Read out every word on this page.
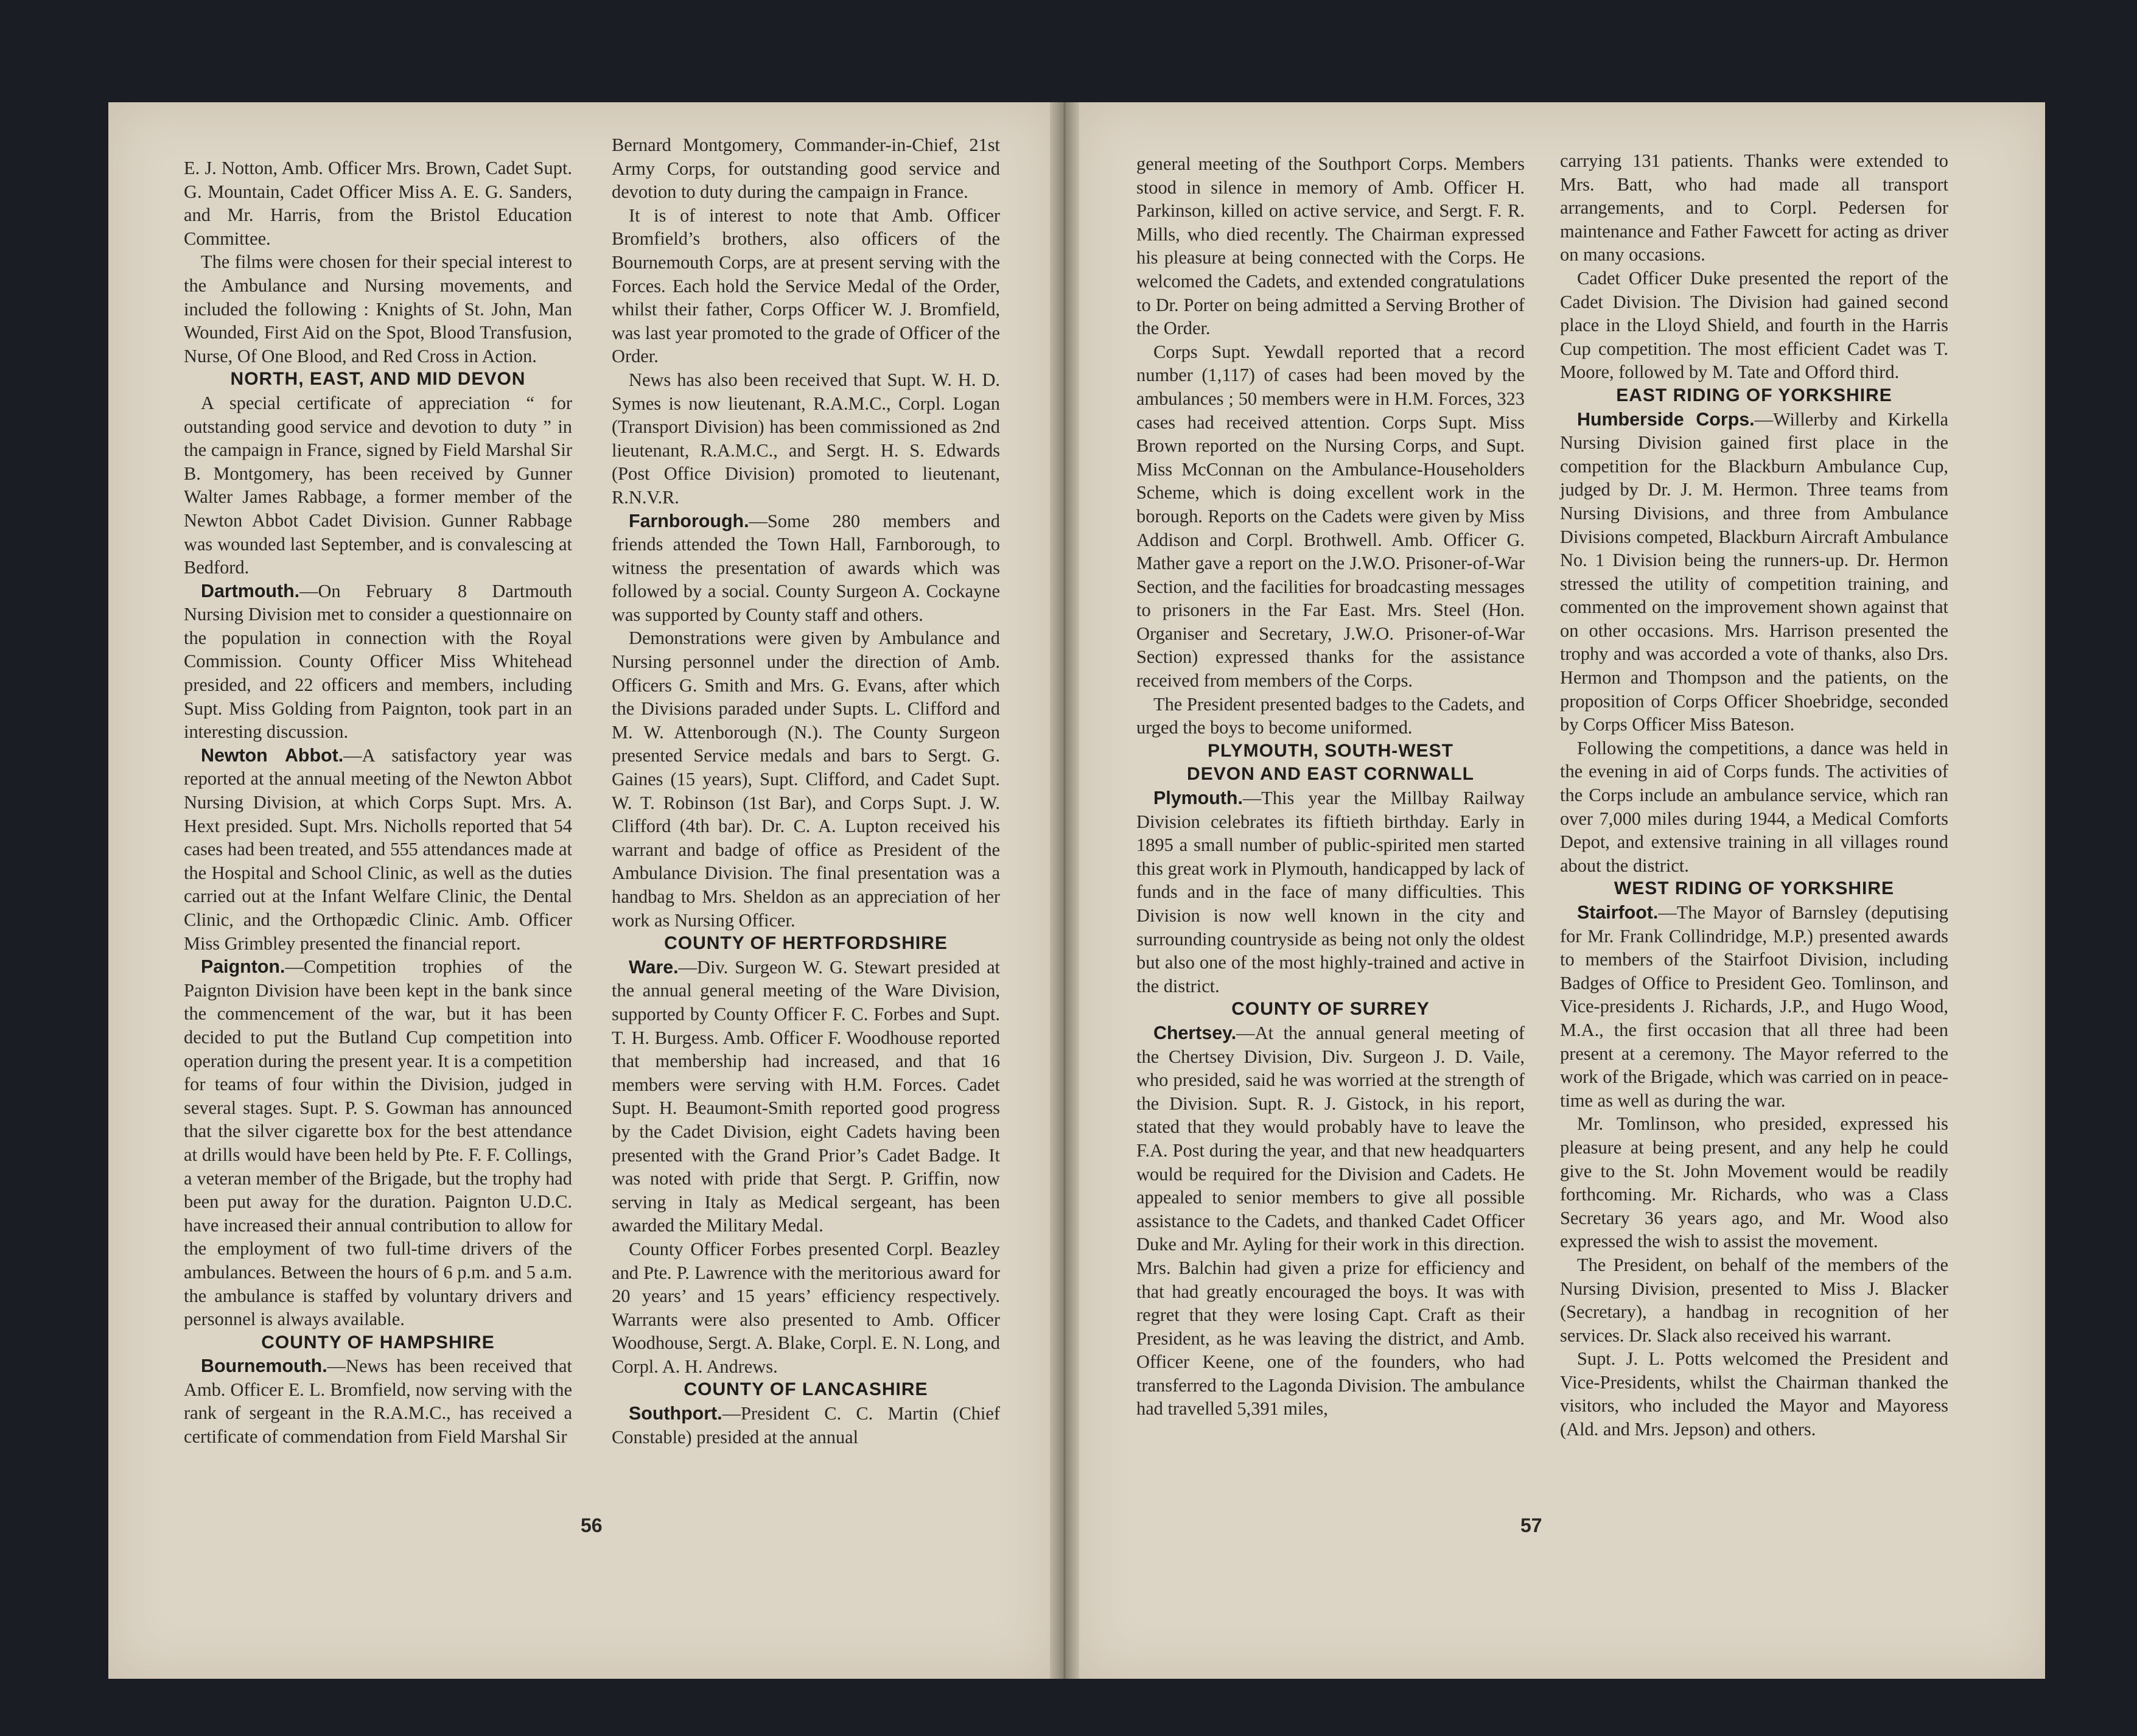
E. J. Notton, Amb. Officer Mrs. Brown, Cadet Supt. G. Mountain, Cadet Officer Miss A. E. G. Sanders, and Mr. Harris, from the Bristol Education Committee.

The films were chosen for their special interest to the Ambulance and Nursing movements, and included the following : Knights of St. John, Man Wounded, First Aid on the Spot, Blood Transfusion, Nurse, Of One Blood, and Red Cross in Action.

NORTH, EAST, AND MID DEVON

A special certificate of appreciation “ for outstanding good service and devotion to duty ” in the campaign in France, signed by Field Marshal Sir B. Montgomery, has been received by Gunner Walter James Rabbage, a former member of the Newton Abbot Cadet Division. Gunner Rabbage was wounded last September, and is convalescing at Bedford.

Dartmouth.—On February 8 Dartmouth Nursing Division met to consider a questionnaire on the population in connection with the Royal Commission. County Officer Miss Whitehead presided, and 22 officers and members, including Supt. Miss Golding from Paignton, took part in an interesting discussion.

Newton Abbot.—A satisfactory year was reported at the annual meeting of the Newton Abbot Nursing Division, at which Corps Supt. Mrs. A. Hext presided. Supt. Mrs. Nicholls reported that 54 cases had been treated, and 555 attendances made at the Hospital and School Clinic, as well as the duties carried out at the Infant Welfare Clinic, the Dental Clinic, and the Orthopædic Clinic. Amb. Officer Miss Grimbley presented the financial report.

Paignton.—Competition trophies of the Paignton Division have been kept in the bank since the commencement of the war, but it has been decided to put the Butland Cup competition into operation during the present year. It is a competition for teams of four within the Division, judged in several stages. Supt. P. S. Gowman has announced that the silver cigarette box for the best attendance at drills would have been held by Pte. F. F. Collings, a veteran member of the Brigade, but the trophy had been put away for the duration. Paignton U.D.C. have increased their annual contribution to allow for the employment of two full-time drivers of the ambulances. Between the hours of 6 p.m. and 5 a.m. the ambulance is staffed by voluntary drivers and personnel is always available.

COUNTY OF HAMPSHIRE

Bournemouth.—News has been received that Amb. Officer E. L. Bromfield, now serving with the rank of sergeant in the R.A.M.C., has received a certificate of commendation from Field Marshal Sir

Bernard Montgomery, Commander-in-Chief, 21st Army Corps, for outstanding good service and devotion to duty during the campaign in France.

It is of interest to note that Amb. Officer Bromfield’s brothers, also officers of the Bournemouth Corps, are at present serving with the Forces. Each hold the Service Medal of the Order, whilst their father, Corps Officer W. J. Bromfield, was last year promoted to the grade of Officer of the Order.

News has also been received that Supt. W. H. D. Symes is now lieutenant, R.A.M.C., Corpl. Logan (Transport Division) has been commissioned as 2nd lieutenant, R.A.M.C., and Sergt. H. S. Edwards (Post Office Division) promoted to lieutenant, R.N.V.R.

Farnborough.—Some 280 members and friends attended the Town Hall, Farnborough, to witness the presentation of awards which was followed by a social. County Surgeon A. Cockayne was supported by County staff and others.

Demonstrations were given by Ambulance and Nursing personnel under the direction of Amb. Officers G. Smith and Mrs. G. Evans, after which the Divisions paraded under Supts. L. Clifford and M. W. Attenborough (N.). The County Surgeon presented Service medals and bars to Sergt. G. Gaines (15 years), Supt. Clifford, and Cadet Supt. W. T. Robinson (1st Bar), and Corps Supt. J. W. Clifford (4th bar). Dr. C. A. Lupton received his warrant and badge of office as President of the Ambulance Division. The final presentation was a handbag to Mrs. Sheldon as an appreciation of her work as Nursing Officer.

COUNTY OF HERTFORDSHIRE

Ware.—Div. Surgeon W. G. Stewart presided at the annual general meeting of the Ware Division, supported by County Officer F. C. Forbes and Supt. T. H. Burgess. Amb. Officer F. Woodhouse reported that membership had increased, and that 16 members were serving with H.M. Forces. Cadet Supt. H. Beaumont-Smith reported good progress by the Cadet Division, eight Cadets having been presented with the Grand Prior’s Cadet Badge. It was noted with pride that Sergt. P. Griffin, now serving in Italy as Medical sergeant, has been awarded the Military Medal.

County Officer Forbes presented Corpl. Beazley and Pte. P. Lawrence with the meritorious award for 20 years’ and 15 years’ efficiency respectively. Warrants were also presented to Amb. Officer Woodhouse, Sergt. A. Blake, Corpl. E. N. Long, and Corpl. A. H. Andrews.

COUNTY OF LANCASHIRE

Southport.—President C. C. Martin (Chief Constable) presided at the annual

general meeting of the Southport Corps. Members stood in silence in memory of Amb. Officer H. Parkinson, killed on active service, and Sergt. F. R. Mills, who died recently. The Chairman expressed his pleasure at being connected with the Corps. He welcomed the Cadets, and extended congratulations to Dr. Porter on being admitted a Serving Brother of the Order.

Corps Supt. Yewdall reported that a record number (1,117) of cases had been moved by the ambulances ; 50 members were in H.M. Forces, 323 cases had received attention. Corps Supt. Miss Brown reported on the Nursing Corps, and Supt. Miss McConnan on the Ambulance-Householders Scheme, which is doing excellent work in the borough. Reports on the Cadets were given by Miss Addison and Corpl. Brothwell. Amb. Officer G. Mather gave a report on the J.W.O. Prisoner-of-War Section, and the facilities for broadcasting messages to prisoners in the Far East. Mrs. Steel (Hon. Organiser and Secretary, J.W.O. Prisoner-of-War Section) expressed thanks for the assistance received from members of the Corps.

The President presented badges to the Cadets, and urged the boys to become uniformed.

PLYMOUTH, SOUTH-WEST
DEVON AND EAST CORNWALL

Plymouth.—This year the Millbay Railway Division celebrates its fiftieth birthday. Early in 1895 a small number of public-spirited men started this great work in Plymouth, handicapped by lack of funds and in the face of many difficulties. This Division is now well known in the city and surrounding countryside as being not only the oldest but also one of the most highly-trained and active in the district.

COUNTY OF SURREY

Chertsey.—At the annual general meeting of the Chertsey Division, Div. Surgeon J. D. Vaile, who presided, said he was worried at the strength of the Division. Supt. R. J. Gistock, in his report, stated that they would probably have to leave the F.A. Post during the year, and that new headquarters would be required for the Division and Cadets. He appealed to senior members to give all possible assistance to the Cadets, and thanked Cadet Officer Duke and Mr. Ayling for their work in this direction. Mrs. Balchin had given a prize for efficiency and that had greatly encouraged the boys. It was with regret that they were losing Capt. Craft as their President, as he was leaving the district, and Amb. Officer Keene, one of the founders, who had transferred to the Lagonda Division. The ambulance had travelled 5,391 miles,

carrying 131 patients. Thanks were extended to Mrs. Batt, who had made all transport arrangements, and to Corpl. Pedersen for maintenance and Father Fawcett for acting as driver on many occasions.

Cadet Officer Duke presented the report of the Cadet Division. The Division had gained second place in the Lloyd Shield, and fourth in the Harris Cup competition. The most efficient Cadet was T. Moore, followed by M. Tate and Offord third.

EAST RIDING OF YORKSHIRE

Humberside Corps.—Willerby and Kirkella Nursing Division gained first place in the competition for the Blackburn Ambulance Cup, judged by Dr. J. M. Hermon. Three teams from Nursing Divisions, and three from Ambulance Divisions competed, Blackburn Aircraft Ambulance No. 1 Division being the runners-up. Dr. Hermon stressed the utility of competition training, and commented on the improvement shown against that on other occasions. Mrs. Harrison presented the trophy and was accorded a vote of thanks, also Drs. Hermon and Thompson and the patients, on the proposition of Corps Officer Shoebridge, seconded by Corps Officer Miss Bateson.

Following the competitions, a dance was held in the evening in aid of Corps funds. The activities of the Corps include an ambulance service, which ran over 7,000 miles during 1944, a Medical Comforts Depot, and extensive training in all villages round about the district.

WEST RIDING OF YORKSHIRE

Stairfoot.—The Mayor of Barnsley (deputising for Mr. Frank Collindridge, M.P.) presented awards to members of the Stairfoot Division, including Badges of Office to President Geo. Tomlinson, and Vice-presidents J. Richards, J.P., and Hugo Wood, M.A., the first occasion that all three had been present at a ceremony. The Mayor referred to the work of the Brigade, which was carried on in peace-time as well as during the war.

Mr. Tomlinson, who presided, expressed his pleasure at being present, and any help he could give to the St. John Movement would be readily forthcoming. Mr. Richards, who was a Class Secretary 36 years ago, and Mr. Wood also expressed the wish to assist the movement.

The President, on behalf of the members of the Nursing Division, presented to Miss J. Blacker (Secretary), a handbag in recognition of her services. Dr. Slack also received his warrant.

Supt. J. L. Potts welcomed the President and Vice-Presidents, whilst the Chairman thanked the visitors, who included the Mayor and Mayoress (Ald. and Mrs. Jepson) and others.

56	57
